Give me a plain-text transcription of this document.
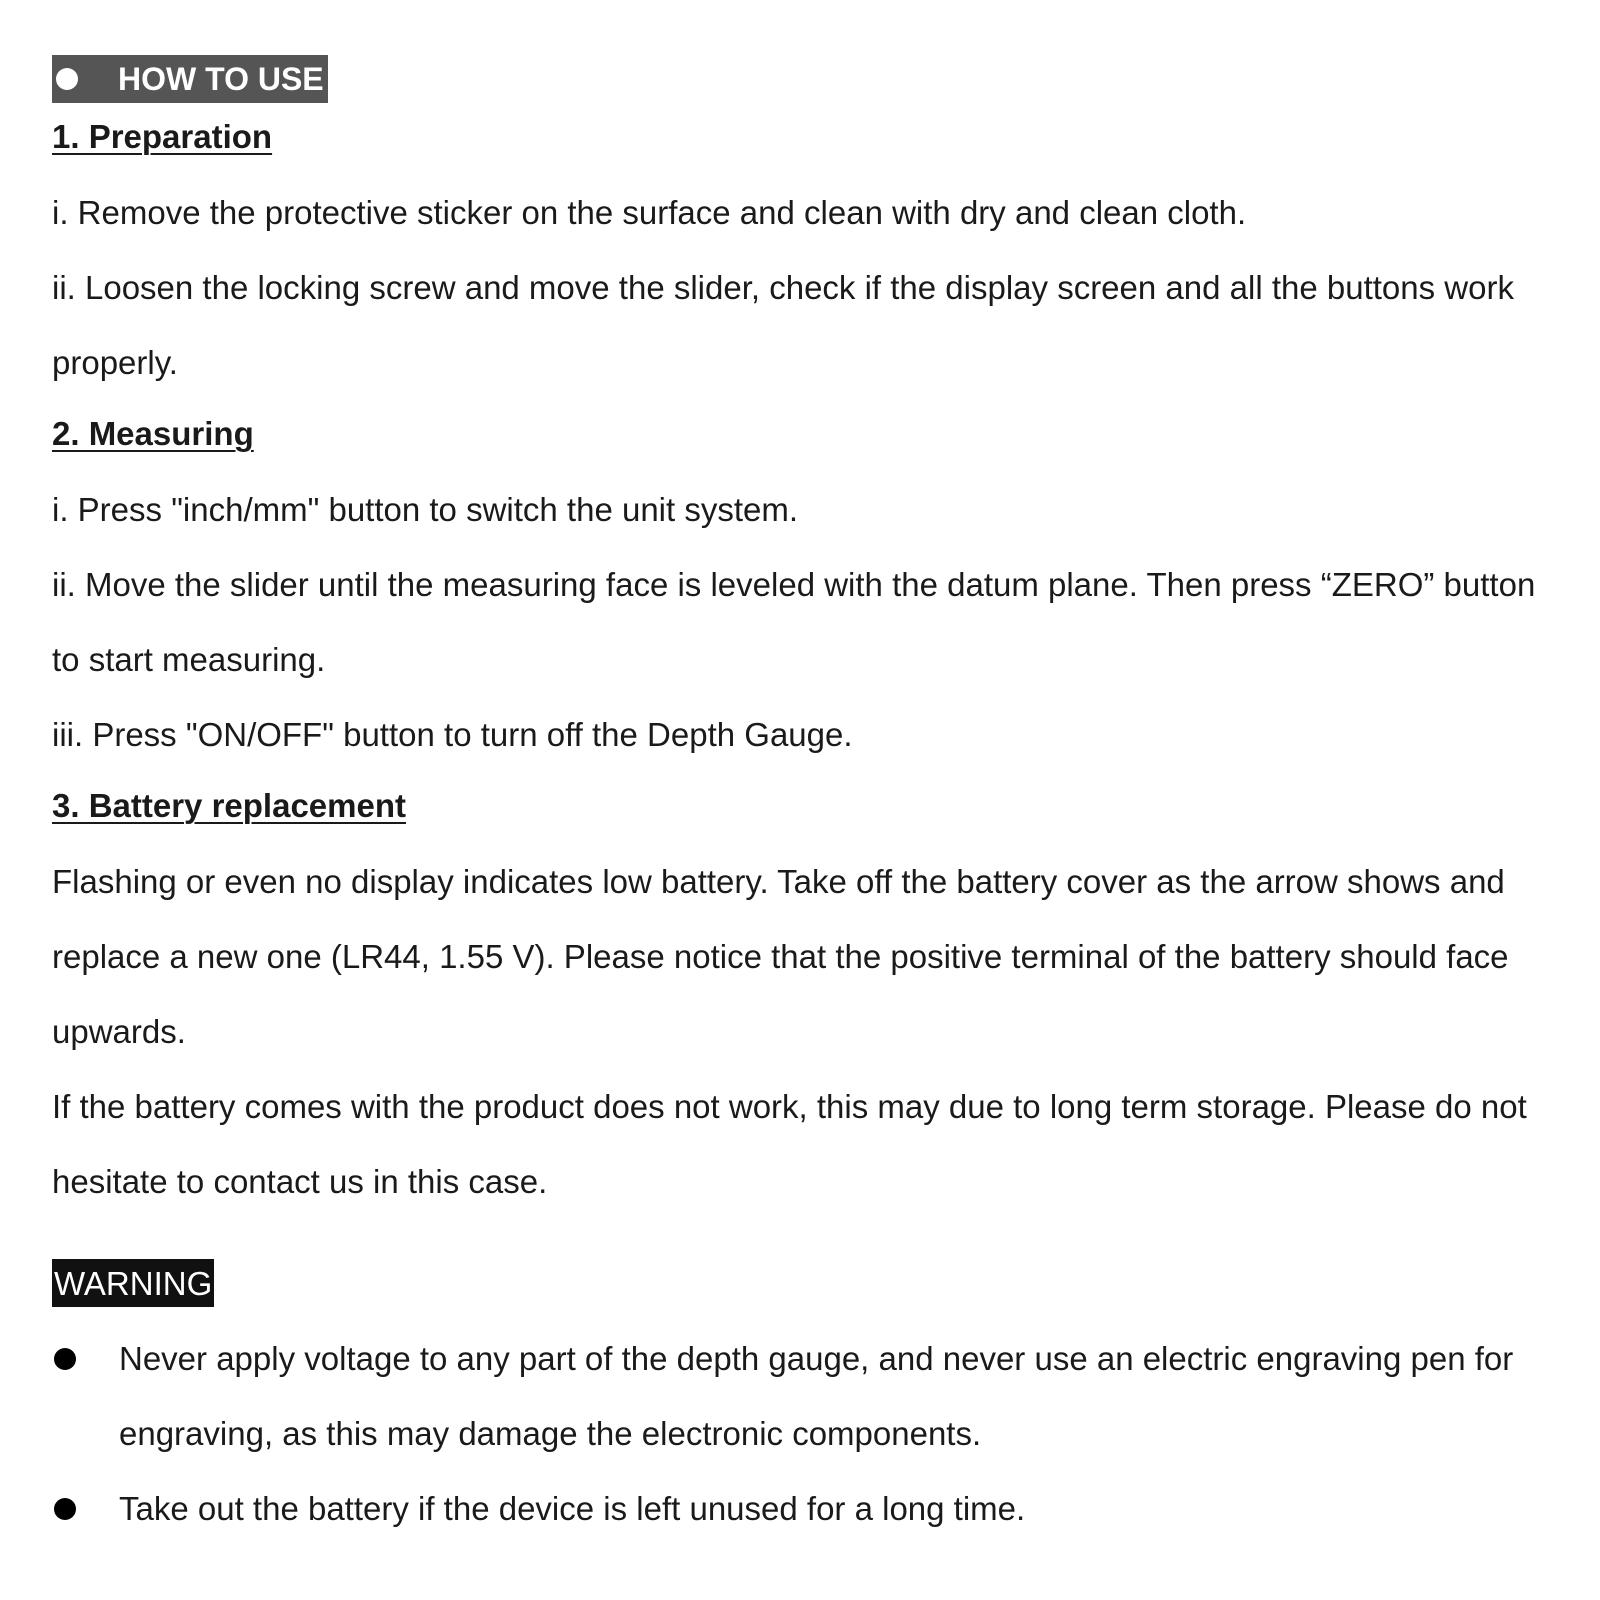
HOW TO USE
1. Preparation

i. Remove the protective sticker on the surface and clean with dry and clean cloth.

ii. Loosen the locking screw and move the slider, check if the display screen and all the buttons work properly.

2. Measuring

i. Press "inch/mm" button to switch the unit system.

ii. Move the slider until the measuring face is leveled with the datum plane. Then press “ZERO” button to start measuring.

iii. Press "ON/OFF" button to turn off the Depth Gauge.

3. Battery replacement

Flashing or even no display indicates low battery. Take off the battery cover as the arrow shows and replace a new one (LR44, 1.55 V). Please notice that the positive terminal of the battery should face upwards.

If the battery comes with the product does not work, this may due to long term storage. Please do not hesitate to contact us in this case.

WARNING
Never apply voltage to any part of the depth gauge, and never use an electric engraving pen for engraving, as this may damage the electronic components.
Take out the battery if the device is left unused for a long time.
